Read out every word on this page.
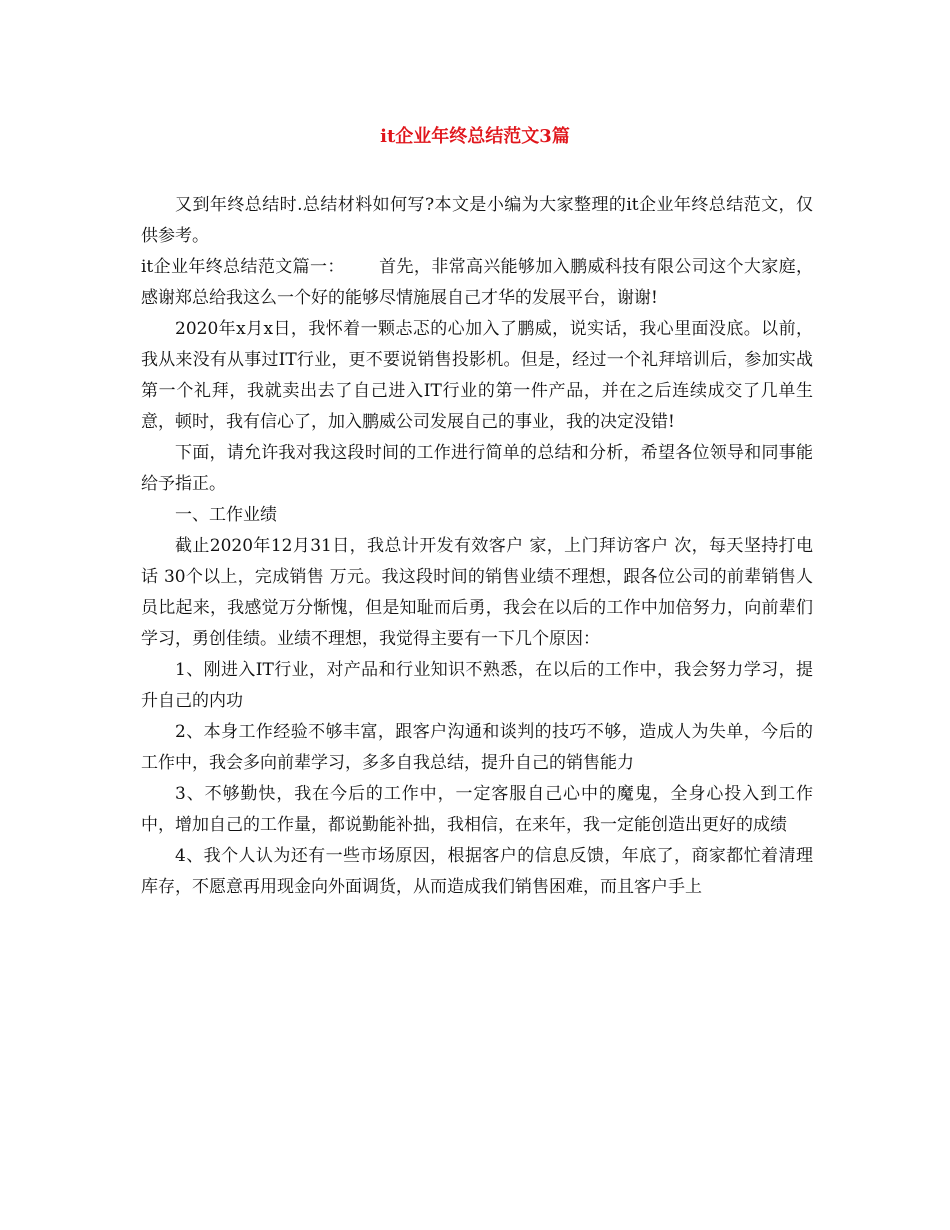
it企业年终总结范文3篇

又到年终总结时.总结材料如何写?本文是小编为大家整理的it企业年终总结范文，仅供参考。

it企业年终总结范文篇一： 首先，非常高兴能够加入鹏威科技有限公司这个大家庭，感谢郑总给我这么一个好的能够尽情施展自己才华的发展平台，谢谢!

2020年x月x日，我怀着一颗忐忑的心加入了鹏威，说实话，我心里面没底。以前，我从来没有从事过IT行业，更不要说销售投影机。但是，经过一个礼拜培训后，参加实战第一个礼拜，我就卖出去了自己进入IT行业的第一件产品，并在之后连续成交了几单生意，顿时，我有信心了，加入鹏威公司发展自己的事业，我的决定没错!

下面，请允许我对我这段时间的工作进行简单的总结和分析，希望各位领导和同事能给予指正。

一、工作业绩

截止2020年12月31日，我总计开发有效客户 家，上门拜访客户 次，每天坚持打电话 30个以上，完成销售 万元。我这段时间的销售业绩不理想，跟各位公司的前辈销售人员比起来，我感觉万分惭愧，但是知耻而后勇，我会在以后的工作中加倍努力，向前辈们学习，勇创佳绩。业绩不理想，我觉得主要有一下几个原因：

1、刚进入IT行业，对产品和行业知识不熟悉，在以后的工作中，我会努力学习，提升自己的内功

2、本身工作经验不够丰富，跟客户沟通和谈判的技巧不够，造成人为失单，今后的工作中，我会多向前辈学习，多多自我总结，提升自己的销售能力

3、不够勤快，我在今后的工作中，一定客服自己心中的魔鬼，全身心投入到工作中，增加自己的工作量，都说勤能补拙，我相信，在来年，我一定能创造出更好的成绩

4、我个人认为还有一些市场原因，根据客户的信息反馈，年底了，商家都忙着清理库存，不愿意再用现金向外面调货，从而造成我们销售困难，而且客户手上
